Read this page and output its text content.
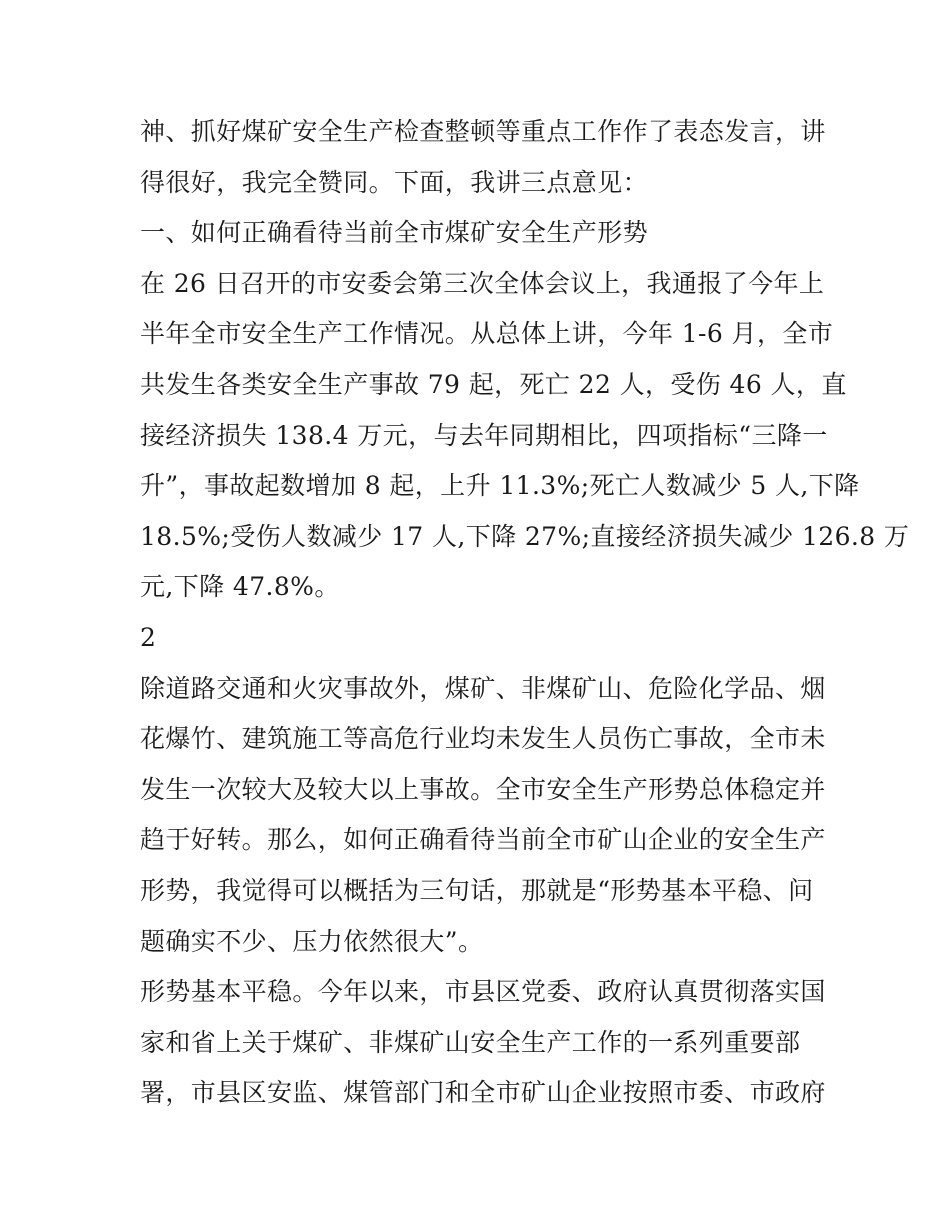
神、抓好煤矿安全生产检查整顿等重点工作作了表态发言，讲
得很好，我完全赞同。下面，我讲三点意见：
一、如何正确看待当前全市煤矿安全生产形势
在 26 日召开的市安委会第三次全体会议上，我通报了今年上
半年全市安全生产工作情况。从总体上讲，今年 1-6 月，全市
共发生各类安全生产事故 79 起，死亡 22 人，受伤 46 人，直
接经济损失 138.4 万元，与去年同期相比，四项指标“三降一
升”，事故起数增加 8 起，上升 11.3%;死亡人数减少 5 人,下降
18.5%;受伤人数减少 17 人,下降 27%;直接经济损失减少 126.8 万
元,下降 47.8%。
2
除道路交通和火灾事故外，煤矿、非煤矿山、危险化学品、烟
花爆竹、建筑施工等高危行业均未发生人员伤亡事故，全市未
发生一次较大及较大以上事故。全市安全生产形势总体稳定并
趋于好转。那么，如何正确看待当前全市矿山企业的安全生产
形势，我觉得可以概括为三句话，那就是“形势基本平稳、问
题确实不少、压力依然很大”。
形势基本平稳。今年以来，市县区党委、政府认真贯彻落实国
家和省上关于煤矿、非煤矿山安全生产工作的一系列重要部
署，市县区安监、煤管部门和全市矿山企业按照市委、市政府
